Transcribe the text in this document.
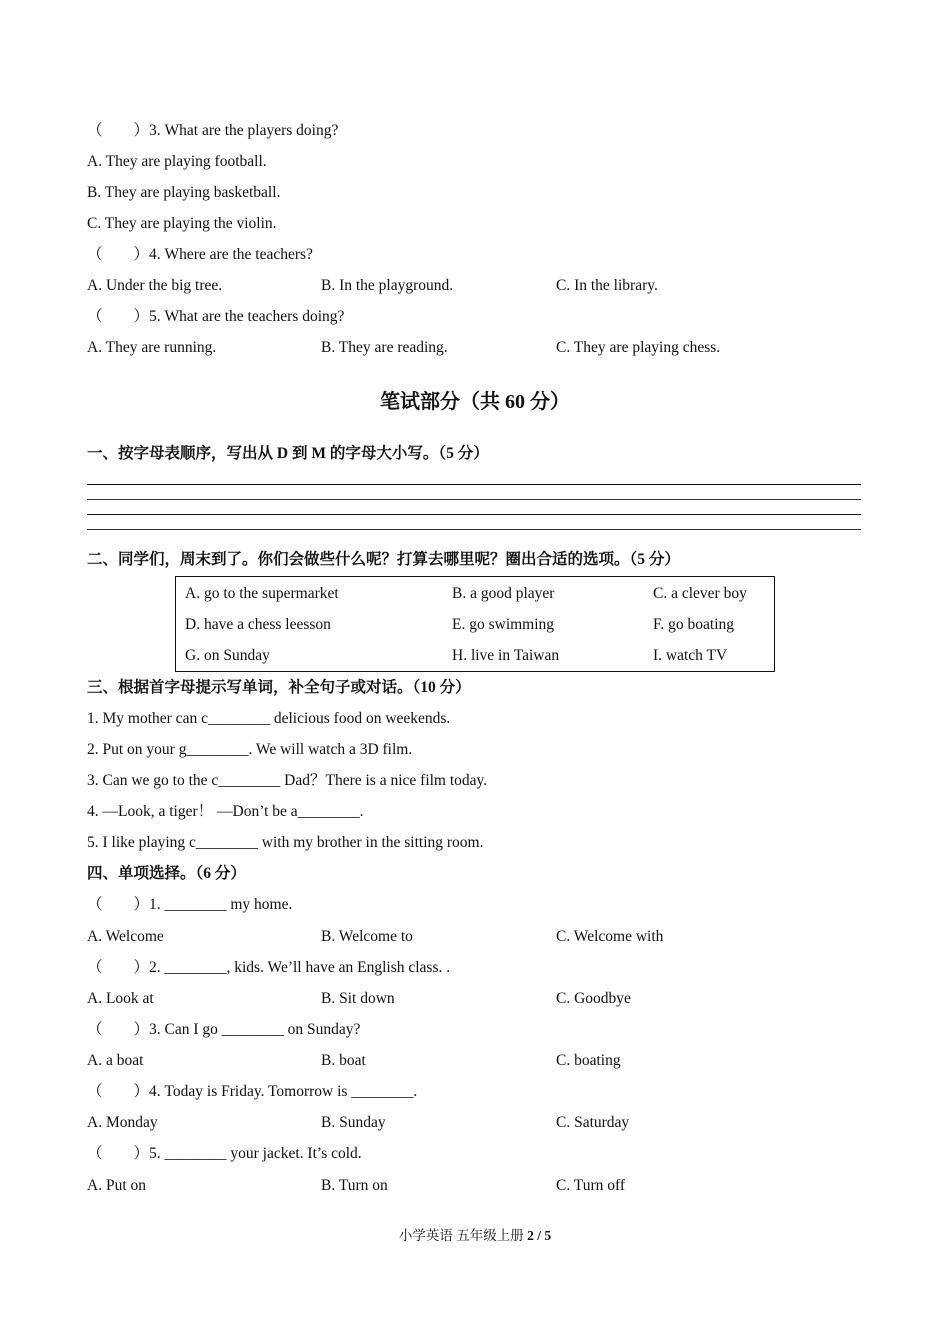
（　　）3. What are the players doing?
A. They are playing football.
B. They are playing basketball.
C. They are playing the violin.
（　　）4. Where are the teachers?
A. Under the big tree.	B. In the playground.	C. In the library.
（　　）5. What are the teachers doing?
A. They are running.	B. They are reading.	C. They are playing chess.
笔试部分（共 60 分）
一、按字母表顺序，写出从 D 到 M 的字母大小写。（5 分）
二、同学们，周末到了。你们会做些什么呢？打算去哪里呢？圈出合适的选项。（5 分）
A. go to the supermarket	B. a good player	C. a clever boy
D. have a chess leesson	E. go swimming	F. go boating
G. on Sunday	H. live in Taiwan	I. watch TV
三、根据首字母提示写单词，补全句子或对话。（10 分）
1. My mother can c________ delicious food on weekends.
2. Put on your g________. We will watch a 3D film.
3. Can we go to the c________ Dad？There is a nice film today.
4. —Look, a tiger！ —Don’t be a________.
5. I like playing c________ with my brother in the sitting room.
四、单项选择。（6 分）
（　　）1. ________ my home.
A. Welcome	B. Welcome to	C. Welcome with
（　　）2. ________, kids. We’ll have an English class. .
A. Look at	B. Sit down	C. Goodbye
（　　）3. Can I go ________ on Sunday?
A. a boat	B. boat	C. boating
（　　）4. Today is Friday. Tomorrow is ________.
A. Monday	B. Sunday	C. Saturday
（　　）5. ________ your jacket. It’s cold.
A. Put on	B. Turn on	C. Turn off
小学英语 五年级上册 2 / 5
